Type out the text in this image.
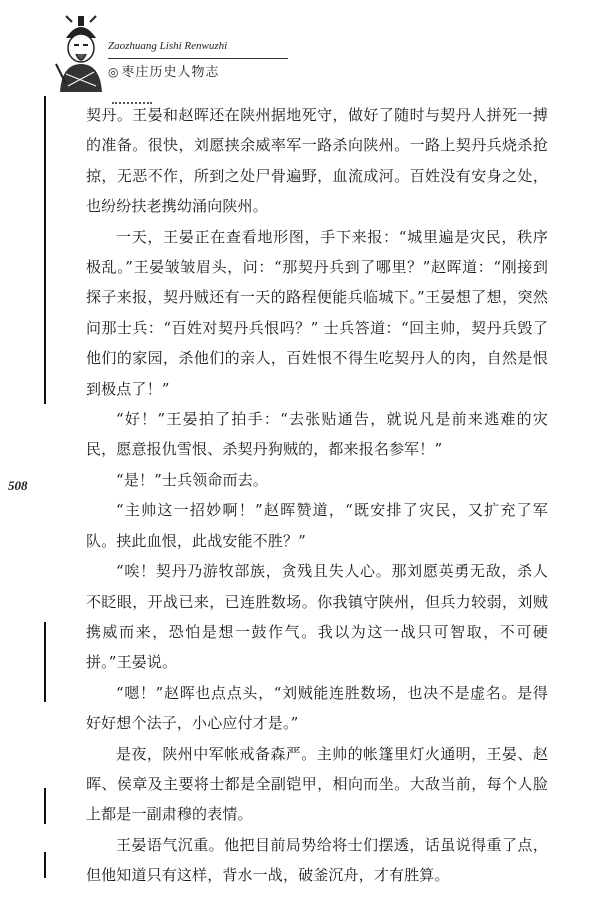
Zaozhuang Lishi Renwuzhi
◎ 枣庄历史人物志
508

契丹。王晏和赵晖还在陕州据地死守，做好了随时与契丹人拼死一搏的准备。很快，刘愿挟余威率军一路杀向陕州。一路上契丹兵烧杀抢掠，无恶不作，所到之处尸骨遍野，血流成河。百姓没有安身之处，也纷纷扶老携幼涌向陕州。

一天，王晏正在查看地形图，手下来报：“城里遍是灾民，秩序极乱。”王晏皱皱眉头，问：“那契丹兵到了哪里？”赵晖道：“刚接到探子来报，契丹贼还有一天的路程便能兵临城下。”王晏想了想，突然问那士兵：“百姓对契丹兵恨吗？” 士兵答道：“回主帅，契丹兵毁了他们的家园，杀他们的亲人，百姓恨不得生吃契丹人的肉，自然是恨到极点了！”

“好！”王晏拍了拍手：“去张贴通告，就说凡是前来逃难的灾民，愿意报仇雪恨、杀契丹狗贼的，都来报名参军！”

“是！”士兵领命而去。

“主帅这一招妙啊！”赵晖赞道，“既安排了灾民，又扩充了军队。挟此血恨，此战安能不胜？”

“唉！契丹乃游牧部族，贪残且失人心。那刘愿英勇无敌，杀人不眨眼，开战已来，已连胜数场。你我镇守陕州，但兵力较弱，刘贼携威而来，恐怕是想一鼓作气。我以为这一战只可智取，不可硬拼。”王晏说。

“嗯！”赵晖也点点头，“刘贼能连胜数场，也决不是虚名。是得好好想个法子，小心应付才是。”

是夜，陕州中军帐戒备森严。主帅的帐篷里灯火通明，王晏、赵晖、侯章及主要将士都是全副铠甲，相向而坐。大敌当前，每个人脸上都是一副肃穆的表情。

王晏语气沉重。他把目前局势给将士们摆透，话虽说得重了点，但他知道只有这样，背水一战，破釜沉舟，才有胜算。
